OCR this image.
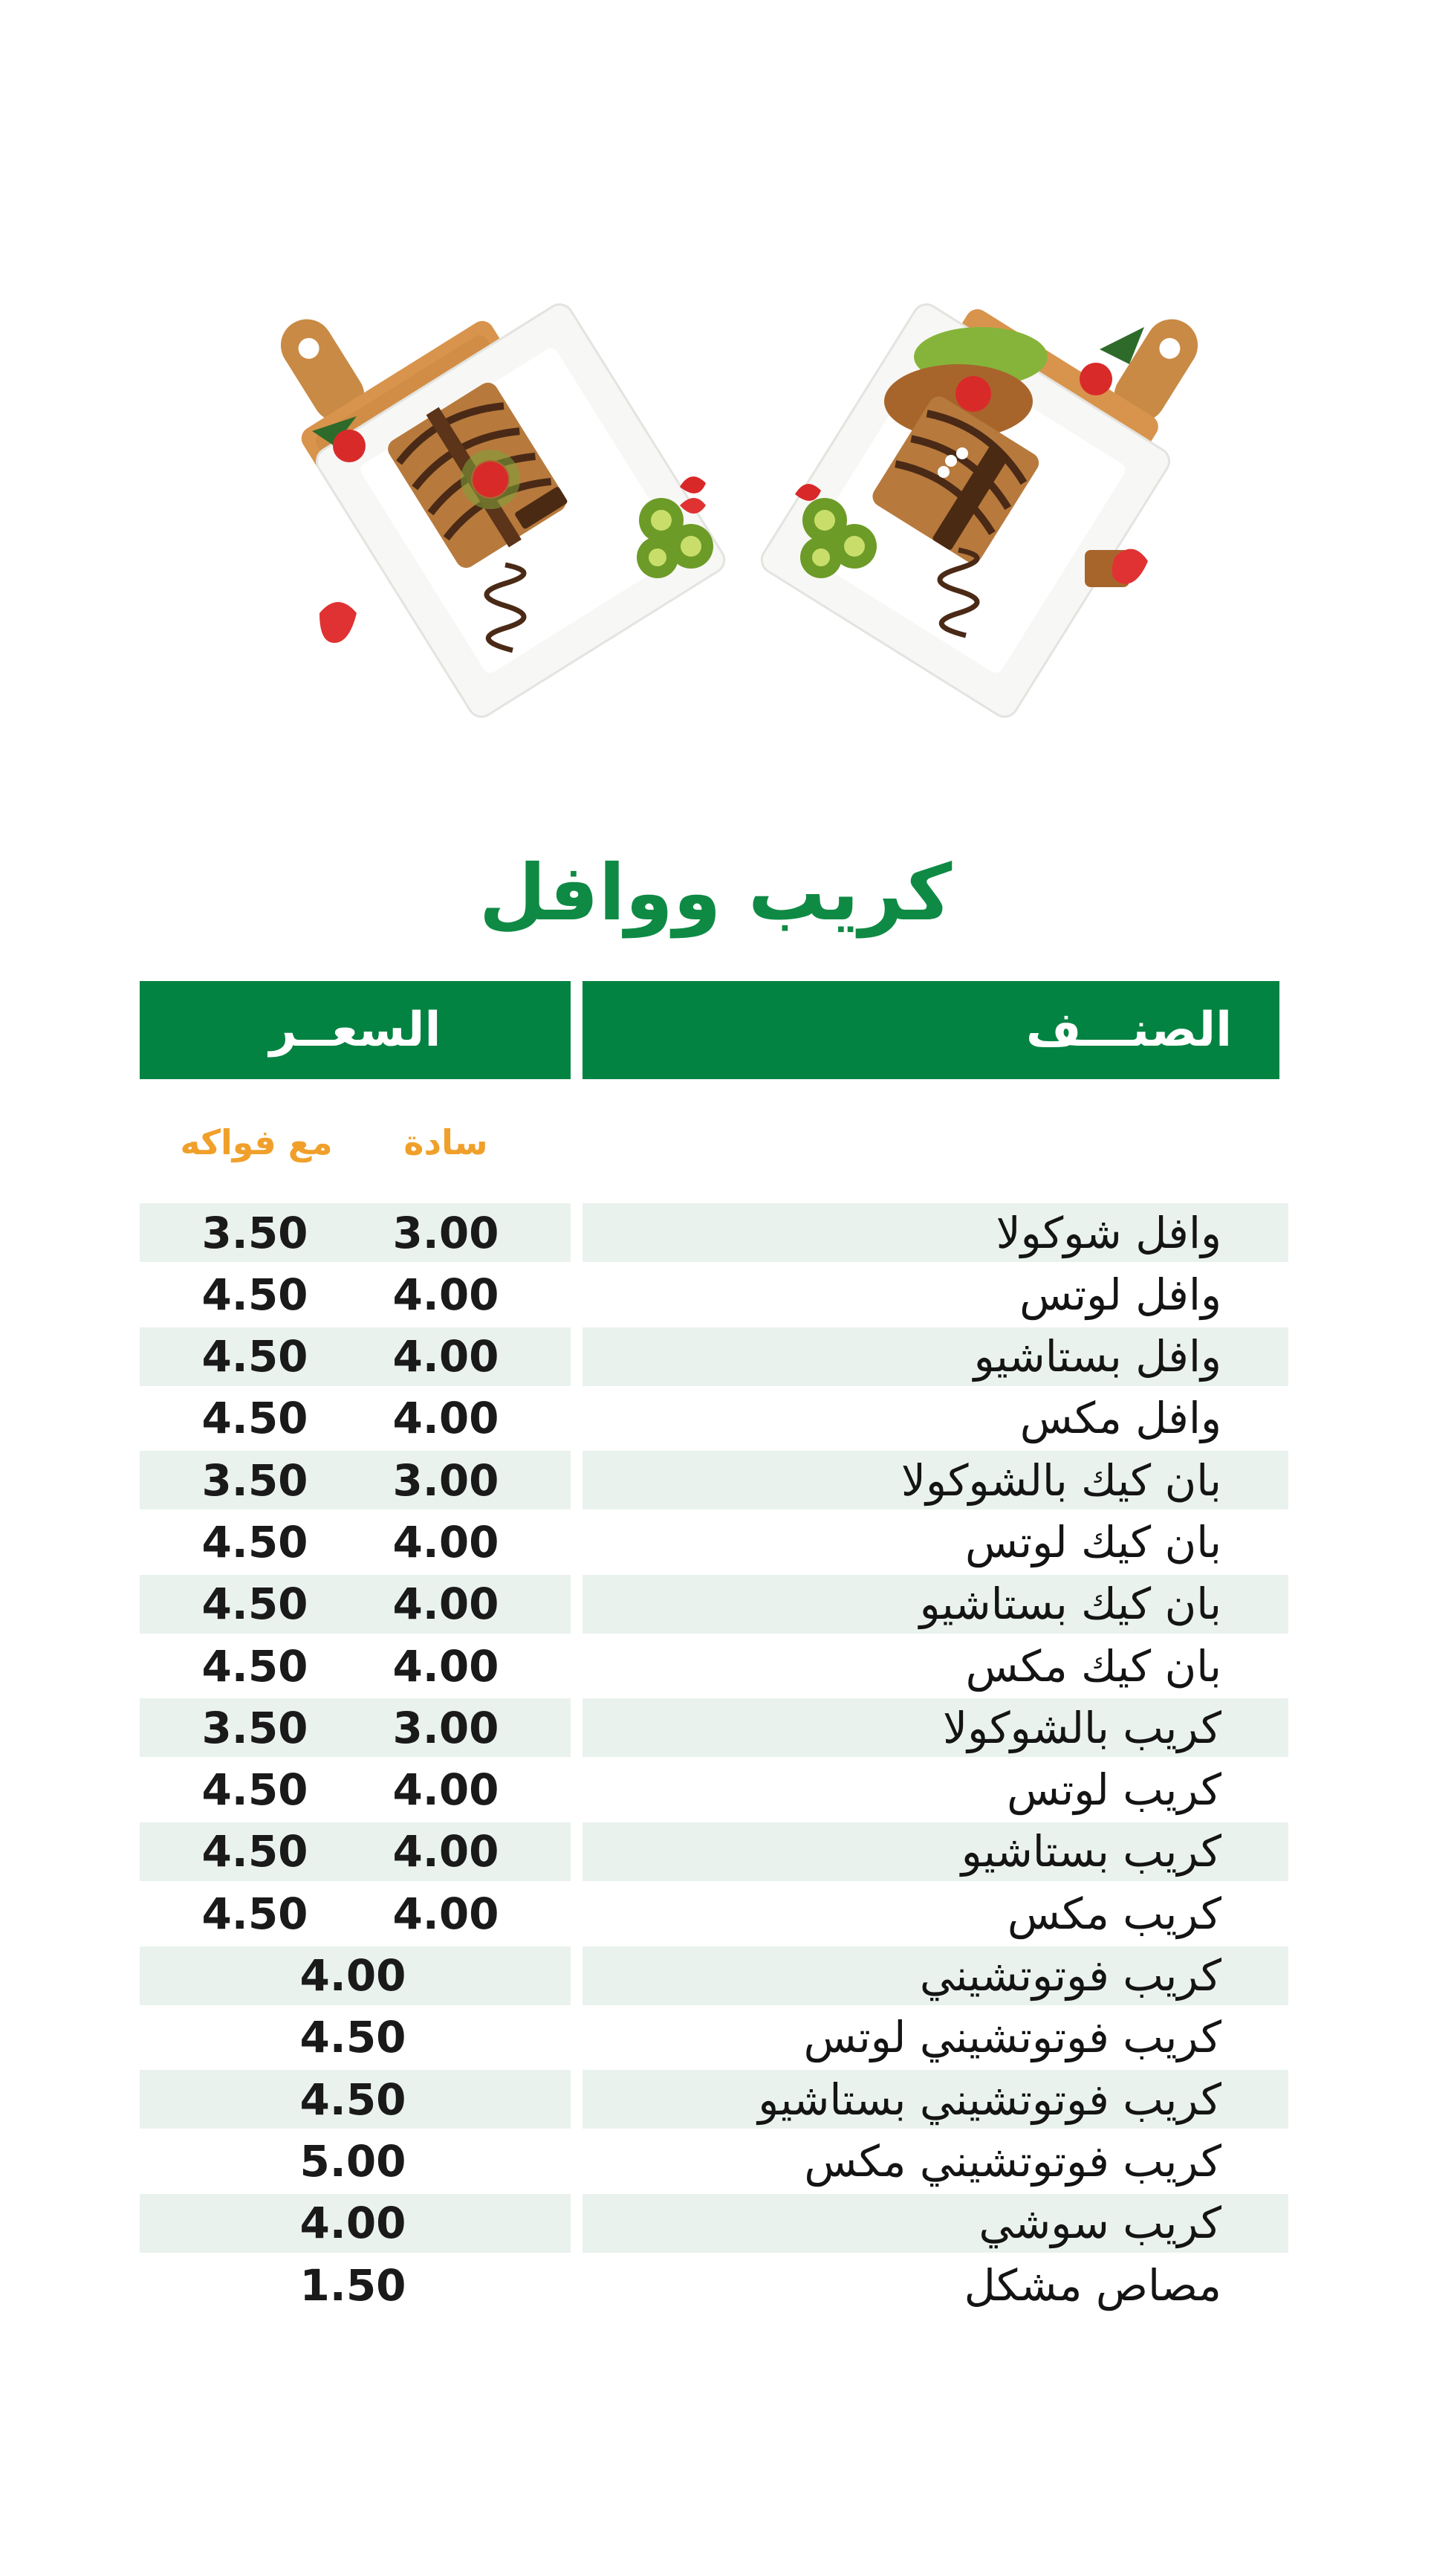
كريب ووافل
الصنـــف
السعــر
سادة
مع فواكه
وافل شوكولا
3.00
3.50
وافل لوتس
4.00
4.50
وافل بستاشيو
4.00
4.50
وافل مكس
4.00
4.50
بان كيك بالشوكولا
3.00
3.50
بان كيك لوتس
4.00
4.50
بان كيك بستاشيو
4.00
4.50
بان كيك مكس
4.00
4.50
كريب بالشوكولا
3.00
3.50
كريب لوتس
4.00
4.50
كريب بستاشيو
4.00
4.50
كريب مكس
4.00
4.50
كريب فوتوتشيني
4.00
كريب فوتوتشيني لوتس
4.50
كريب فوتوتشيني بستاشيو
4.50
كريب فوتوتشيني مكس
5.00
كريب سوشي
4.00
مصاص مشكل
1.50
